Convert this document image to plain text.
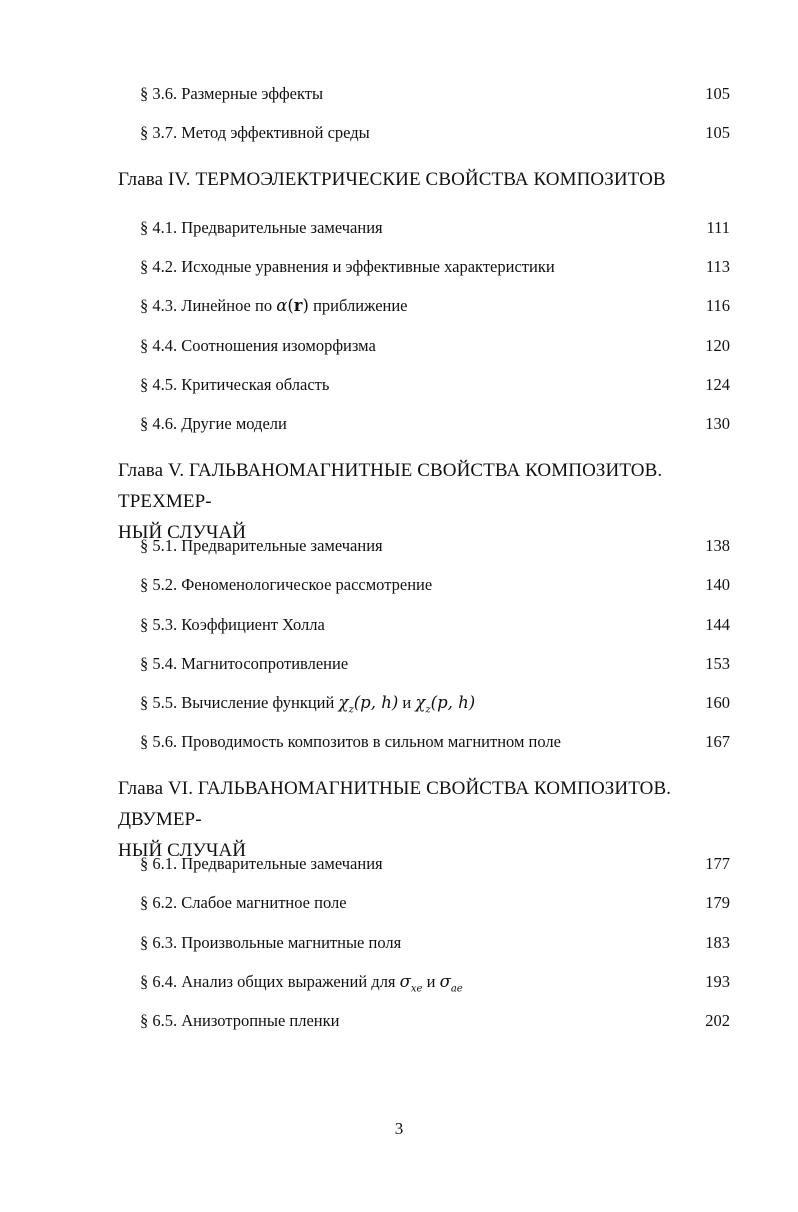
§ 3.6. Размерные эффекты	105
§ 3.7. Метод эффективной среды	105
Глава IV. ТЕРМОЭЛЕКТРИЧЕСКИЕ СВОЙСТВА КОМПОЗИТОВ
§ 4.1. Предварительные замечания	111
§ 4.2. Исходные уравнения и эффективные характеристики	113
§ 4.3. Линейное по α(r) приближение	116
§ 4.4. Соотношения изоморфизма	120
§ 4.5. Критическая область	124
§ 4.6. Другие модели	130
Глава V. ГАЛЬВАНОМАГНИТНЫЕ СВОЙСТВА КОМПОЗИТОВ. ТРЕХМЕР-
НЫЙ СЛУЧАЙ
§ 5.1. Предварительные замечания	138
§ 5.2. Феноменологическое рассмотрение	140
§ 5.3. Коэффициент Холла	144
§ 5.4. Магнитосопротивление	153
§ 5.5. Вычисление функций $\chi_z(p$, h) и $\chi_z(p$, h)	160
§ 5.6. Проводимость композитов в сильном магнитном поле	167
Глава VI. ГАЛЬВАНОМАГНИТНЫЕ СВОЙСТВА КОМПОЗИТОВ. ДВУМЕР-
НЫЙ СЛУЧАЙ
§ 6.1. Предварительные замечания	177
§ 6.2. Слабое магнитное поле	179
§ 6.3. Произвольные магнитные поля	183
§ 6.4. Анализ общих выражений для $\sigma_{xe}$ и $\sigma_{ae}$	193
§ 6.5. Анизотропные пленки	202
3
